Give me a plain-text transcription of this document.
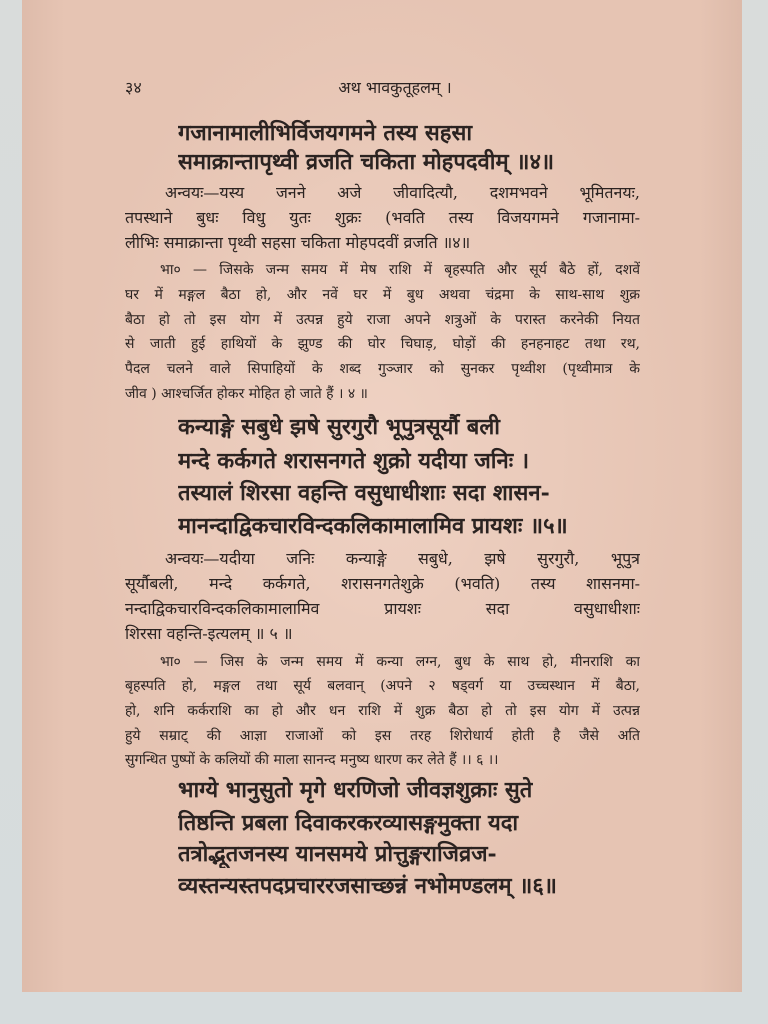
३४	अथ भावकुतूहलम् ।
गजानामालीभिर्विजयगमने तस्य सहसा
समाक्रान्तापृथ्वी व्रजति चकिता मोहपदवीम् ॥४॥
अन्वयः—यस्य जनने अजे जीवादित्यौ, दशमभवने भूमितनयः,
तपस्थाने बुधः विधु युतः शुक्रः (भवति तस्य विजयगमने गजानामा-
लीभिः समाक्रान्ता पृथ्वी सहसा चकिता मोहपदवीं व्रजति ॥४॥
भा० — जिसके जन्म समय में मेष राशि में बृहस्पति और सूर्य बैठे हों, दशवें
घर में मङ्गल बैठा हो, और नवें घर में बुध अथवा चंद्रमा के साथ-साथ शुक्र
बैठा हो तो इस योग में उत्पन्न हुये राजा अपने शत्रुओं के परास्त करनेकी नियत
से जाती हुई हाथियों के झुण्ड की घोर चिघाड़, घोड़ों की हनहनाहट तथा रथ,
पैदल चलने वाले सिपाहियों के शब्द गुञ्जार को सुनकर पृथ्वीश (पृथ्वीमात्र के
जीव ) आश्चर्जित होकर मोहित हो जाते हैं । ४ ॥
कन्याङ्गे सबुधे झषे सुरगुरौ भूपुत्रसूर्यौ बली
मन्दे कर्कगते शरासनगते शुक्रो यदीया जनिः ।
तस्यालं शिरसा वहन्ति वसुधाधीशाः सदा शासन-
मानन्दाद्विकचारविन्दकलिकामालामिव प्रायशः ॥५॥
अन्वयः—यदीया जनिः कन्याङ्गे सबुधे, झषे सुरगुरौ, भूपुत्र
सूर्यौबली, मन्दे कर्कगते, शरासनगतेशुक्रे (भवति) तस्य शासनमा-
नन्दाद्विकचारविन्दकलिकामालामिव प्रायशः सदा वसुधाधीशाः
शिरसा वहन्ति-इत्यलम् ॥ ५ ॥
भा० — जिस के जन्म समय में कन्या लग्न, बुध के साथ हो, मीनराशि का
बृहस्पति हो, मङ्गल तथा सूर्य बलवान् (अपने २ षड्वर्ग या उच्चस्थान में बैठा,
हो, शनि कर्कराशि का हो और धन राशि में शुक्र बैठा हो तो इस योग में उत्पन्न
हुये सम्राट् की आज्ञा राजाओं को इस तरह शिरोधार्य होती है जैसे अति
सुगन्धित पुष्पों के कलियों की माला सानन्द मनुष्य धारण कर लेते हैं ।। ६ ।।
भाग्ये भानुसुतो मृगे धरणिजो जीवज्ञशुक्राः सुते
तिष्ठन्ति प्रबला दिवाकरकरव्यासङ्गमुक्ता यदा
तत्रोद्भूतजनस्य यानसमये प्रोत्तुङ्गराजिव्रज-
व्यस्तन्यस्तपदप्रचाररजसाच्छन्नं नभोमण्डलम् ॥६॥
